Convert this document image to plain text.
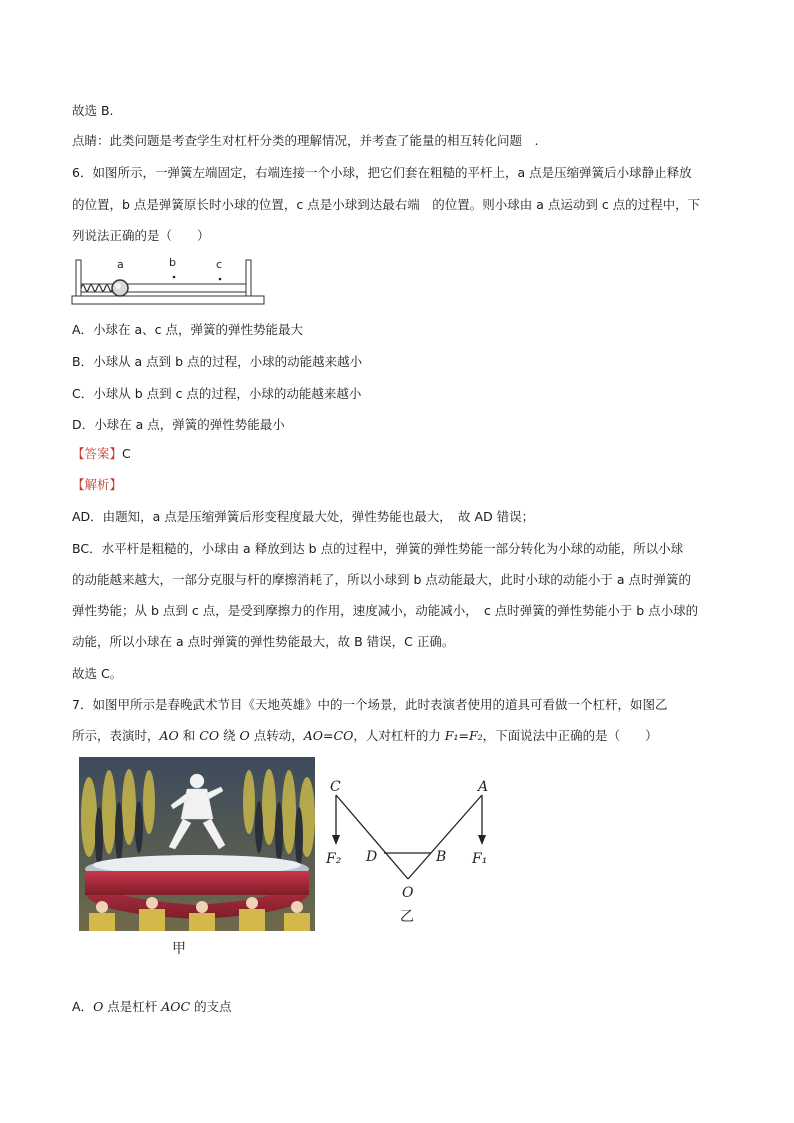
故选 B.
点睛：此类问题是考查学生对杠杆分类的理解情况，并考查了能量的相互转化问题　.
6．如图所示，一弹簧左端固定，右端连接一个小球，把它们套在粗糙的平杆上，a 点是压缩弹簧后小球静止释放
的位置，b 点是弹簧原长时小球的位置，c 点是小球到达最右端　的位置。则小球由 a 点运动到 c 点的过程中，下
列说法正确的是（　　）
a	b	c
A．小球在 a、c 点，弹簧的弹性势能最大
B．小球从 a 点到 b 点的过程，小球的动能越来越小
C．小球从 b 点到 c 点的过程，小球的动能越来越小
D．小球在 a 点，弹簧的弹性势能最小
【答案】C
【解析】
AD．由题知，a 点是压缩弹簧后形变程度最大处，弹性势能也最大，　故 AD 错误；
BC．水平杆是粗糙的，小球由 a 释放到达 b 点的过程中，弹簧的弹性势能一部分转化为小球的动能，所以小球
的动能越来越大，一部分克服与杆的摩擦消耗了，所以小球到 b 点动能最大，此时小球的动能小于 a 点时弹簧的
弹性势能；从 b 点到 c 点，是受到摩擦力的作用，速度减小，动能减小，　c 点时弹簧的弹性势能小于 b 点小球的
动能，所以小球在 a 点时弹簧的弹性势能最大，故 B 错误，C 正确。
故选 C。
7．如图甲所示是春晚武术节目《天地英雄》中的一个场景，此时表演者使用的道具可看做一个杠杆，如图乙
所示，表演时，AO 和 CO 绕 O 点转动，AO=CO，人对杠杆的力 F₁=F₂，下面说法中正确的是（　　）
甲
C	A
D	B
O
F₂	F₁
乙
A．O 点是杠杆 AOC 的支点
